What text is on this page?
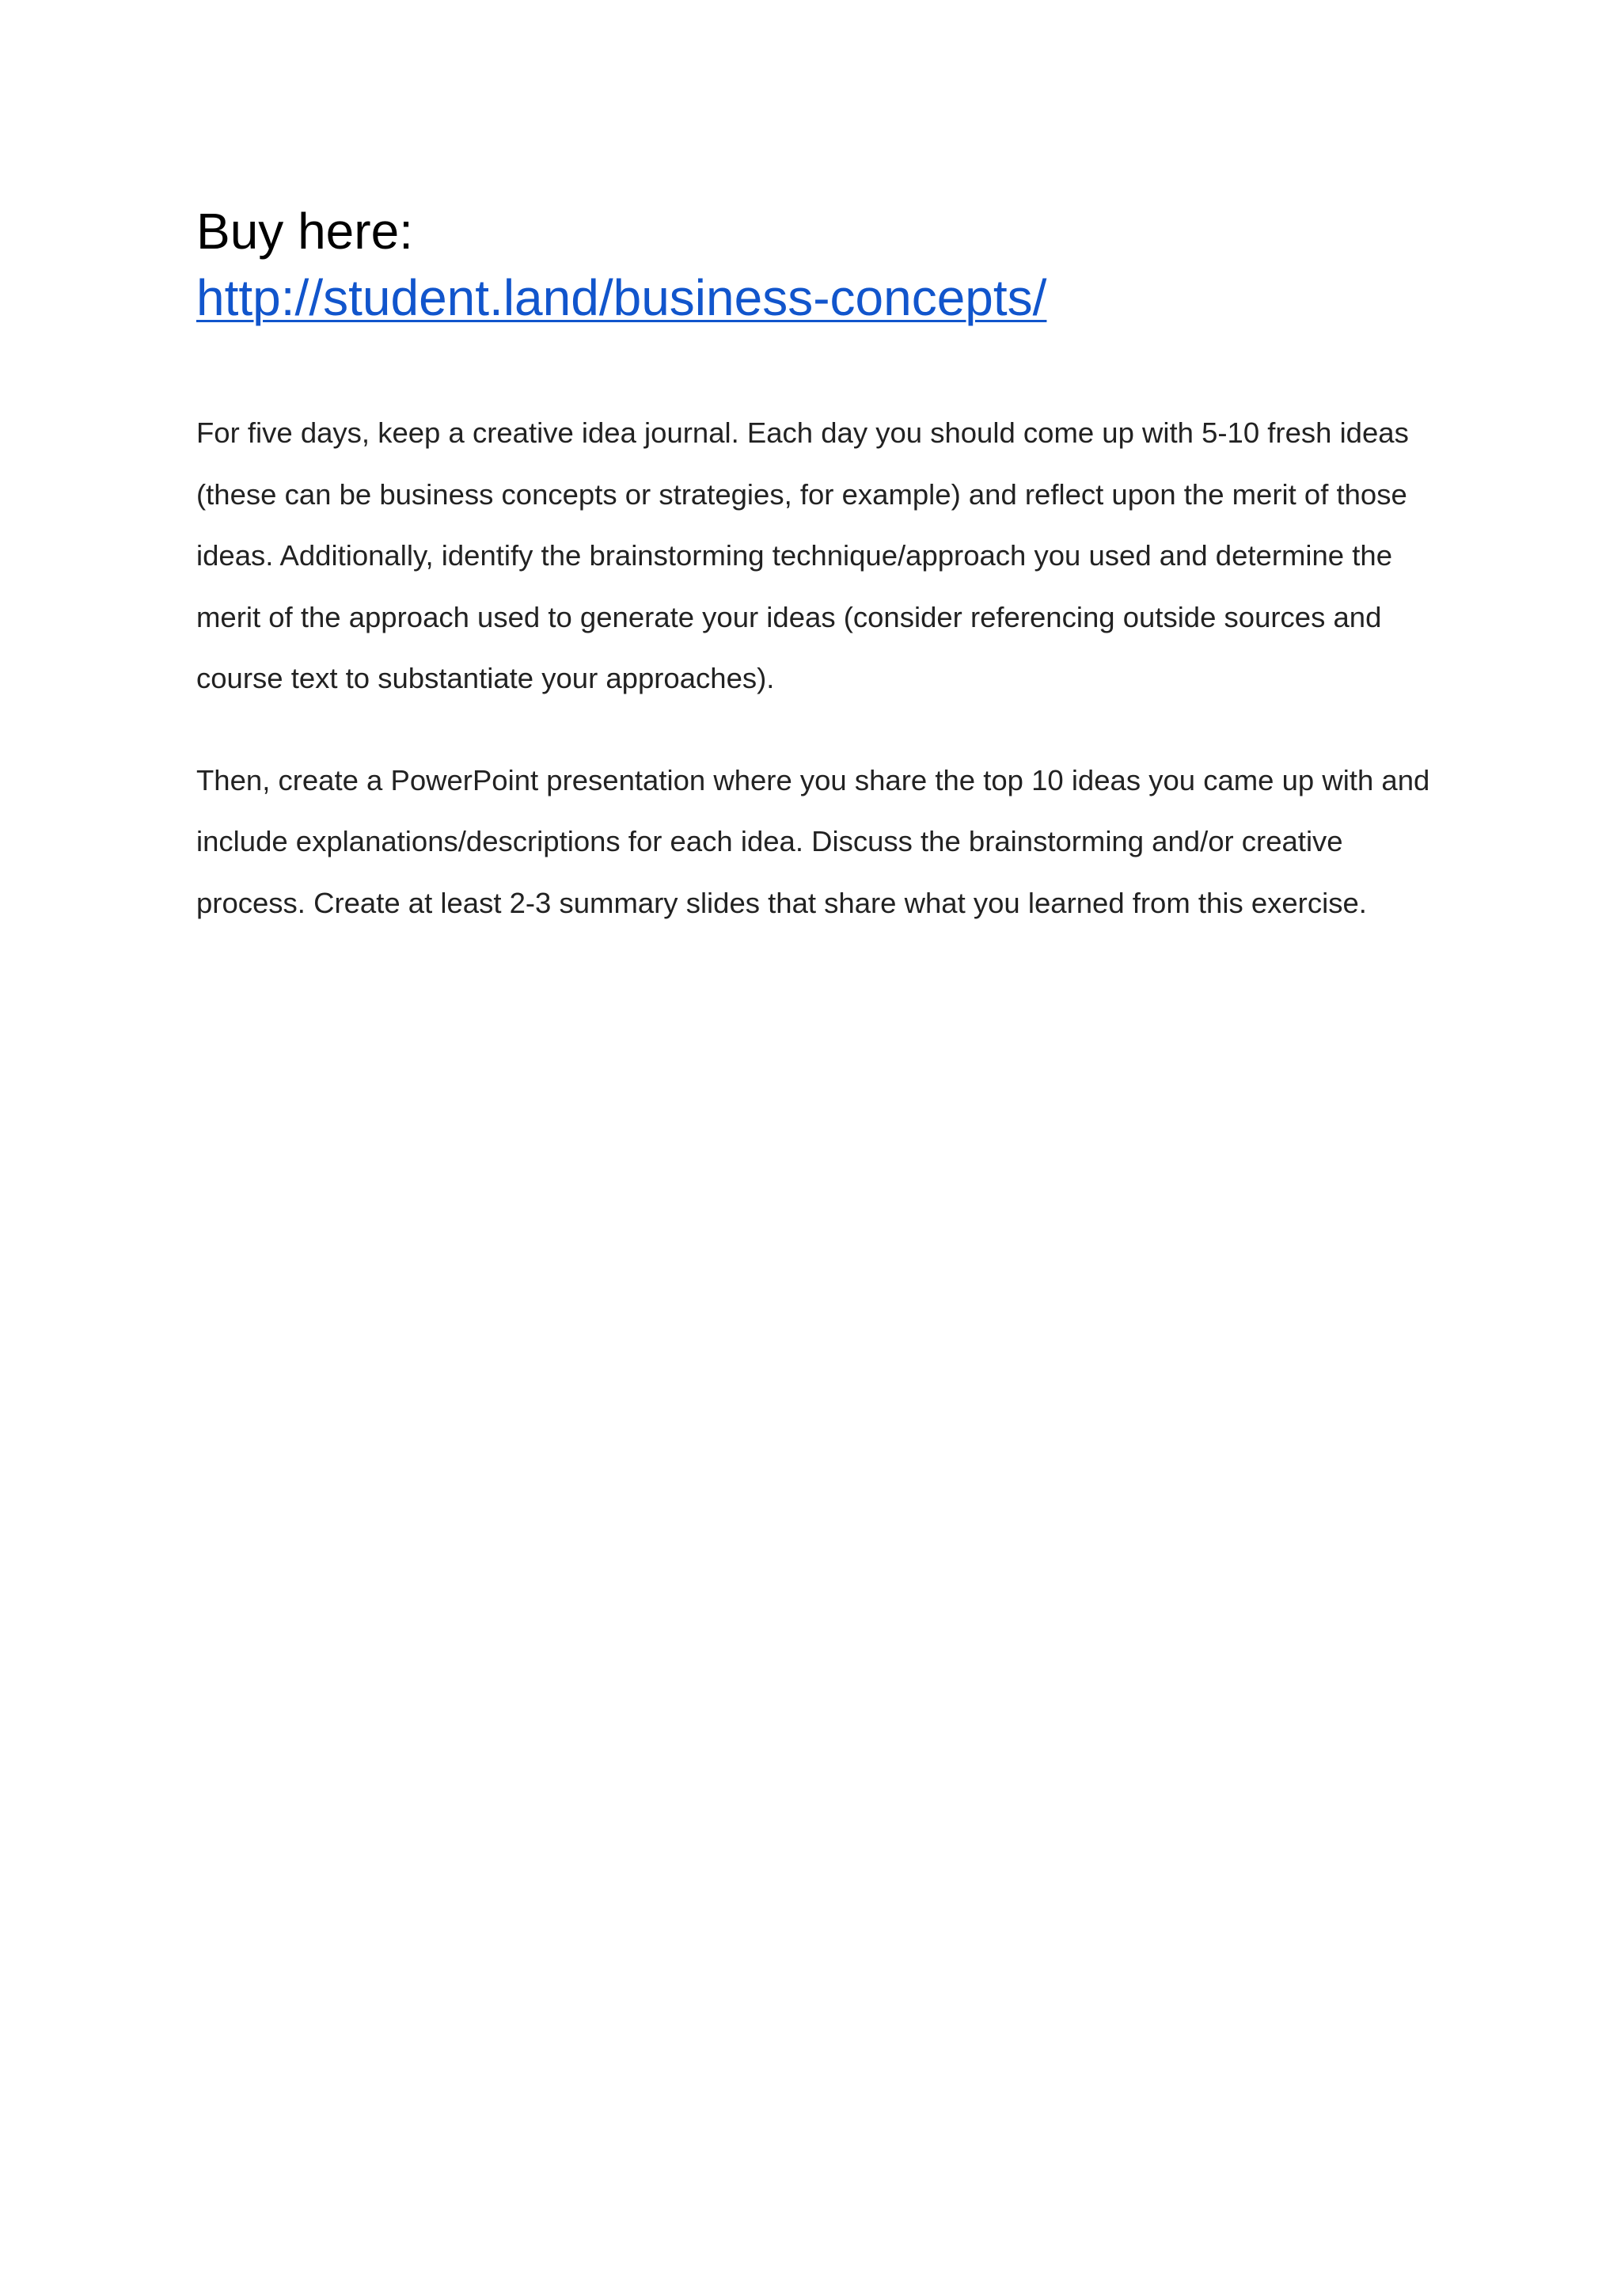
Buy here:

http://student.land/business-concepts/

For five days, keep a creative idea journal. Each day you should come up with 5-10 fresh ideas (these can be business concepts or strategies, for example) and reflect upon the merit of those ideas. Additionally, identify the brainstorming technique/approach you used and determine the merit of the approach used to generate your ideas (consider referencing outside sources and course text to substantiate your approaches).

Then, create a PowerPoint presentation where you share the top 10 ideas you came up with and include explanations/descriptions for each idea. Discuss the brainstorming and/or creative process. Create at least 2-3 summary slides that share what you learned from this exercise.
